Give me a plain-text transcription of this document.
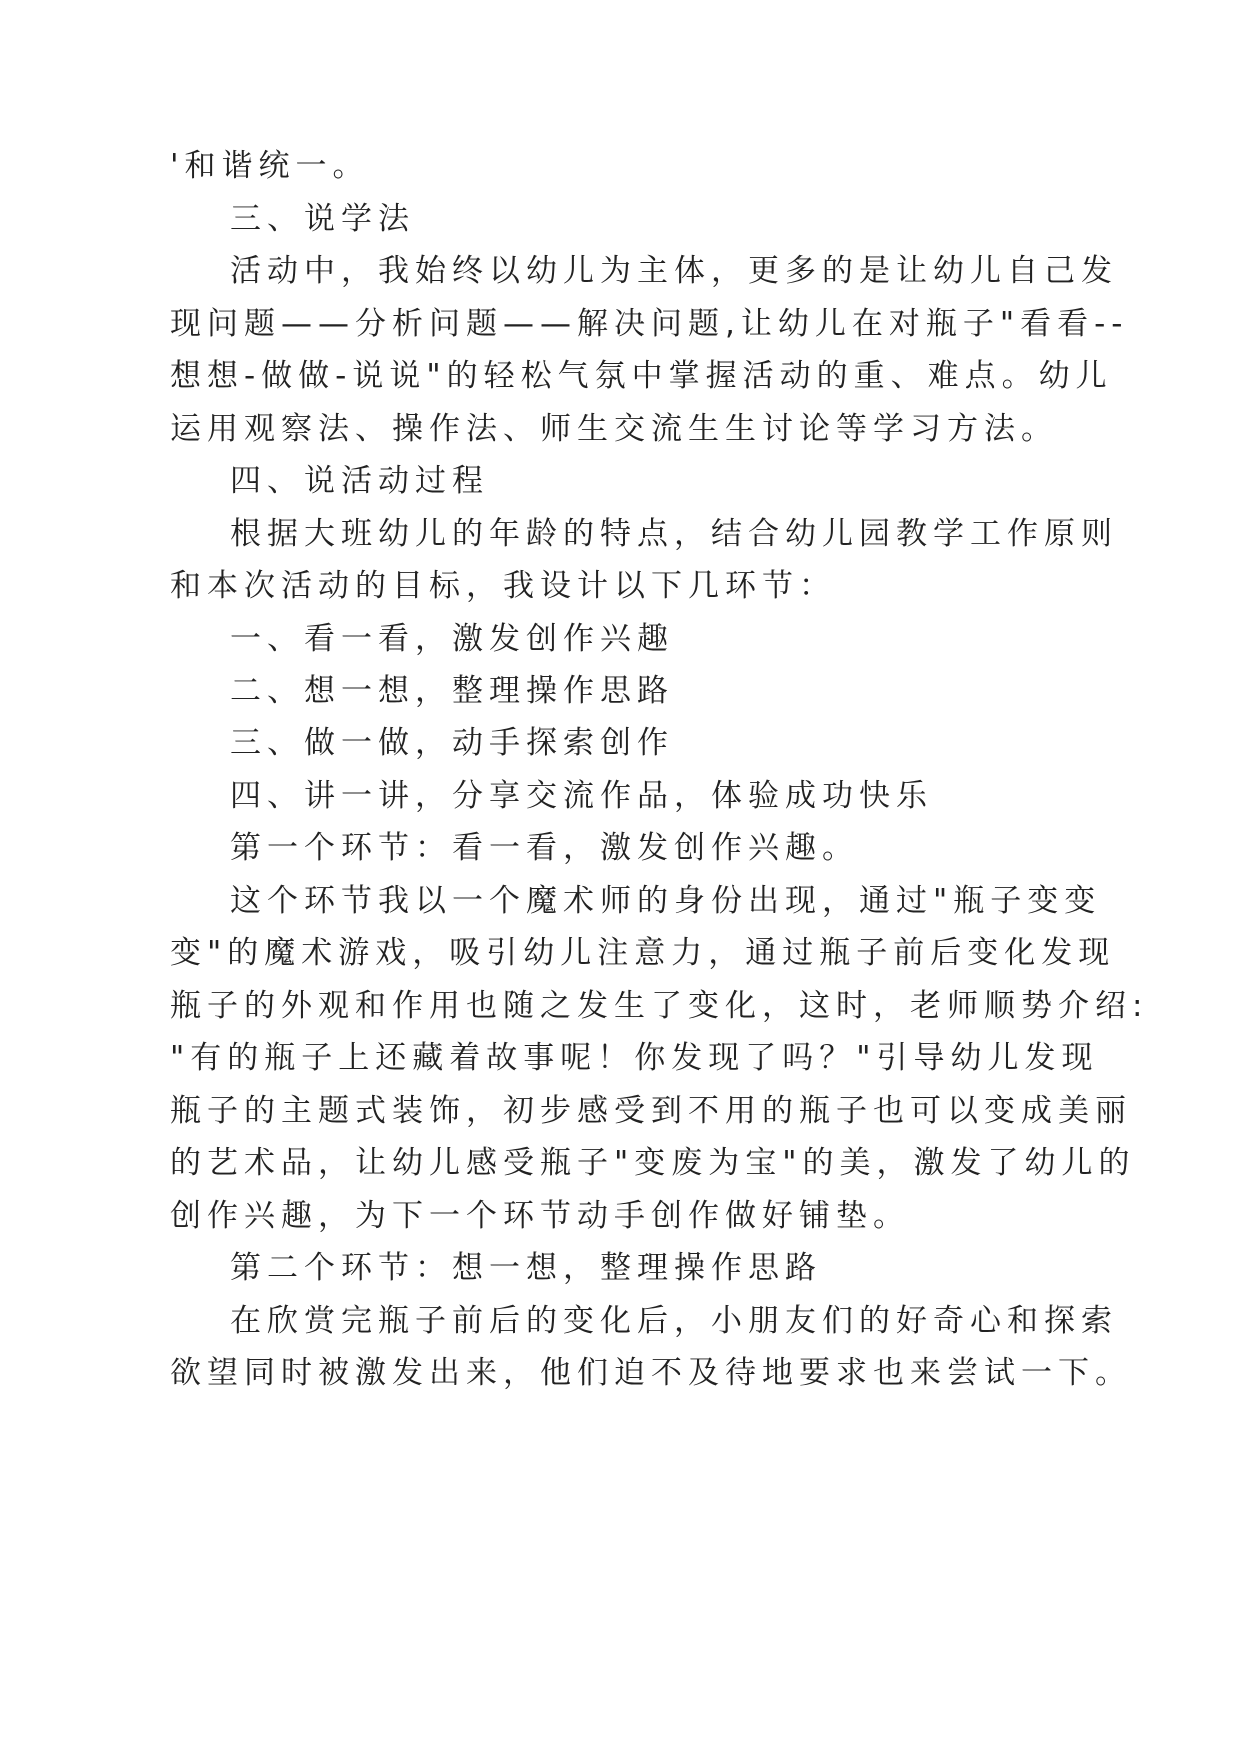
'和谐统一。
三、说学法
活动中，我始终以幼儿为主体，更多的是让幼儿自己发
现问题——分析问题——解决问题,让幼儿在对瓶子"看看--
想想-做做-说说"的轻松气氛中掌握活动的重、难点。幼儿
运用观察法、操作法、师生交流生生讨论等学习方法。
四、说活动过程
根据大班幼儿的年龄的特点，结合幼儿园教学工作原则
和本次活动的目标，我设计以下几环节：
一、看一看，激发创作兴趣
二、想一想，整理操作思路
三、做一做，动手探索创作
四、讲一讲，分享交流作品，体验成功快乐
第一个环节：看一看，激发创作兴趣。
这个环节我以一个魔术师的身份出现，通过"瓶子变变
变"的魔术游戏，吸引幼儿注意力，通过瓶子前后变化发现
瓶子的外观和作用也随之发生了变化，这时，老师顺势介绍:
"有的瓶子上还藏着故事呢！你发现了吗？"引导幼儿发现
瓶子的主题式装饰，初步感受到不用的瓶子也可以变成美丽
的艺术品，让幼儿感受瓶子"变废为宝"的美，激发了幼儿的
创作兴趣，为下一个环节动手创作做好铺垫。
第二个环节：想一想，整理操作思路
在欣赏完瓶子前后的变化后，小朋友们的好奇心和探索
欲望同时被激发出来，他们迫不及待地要求也来尝试一下。
